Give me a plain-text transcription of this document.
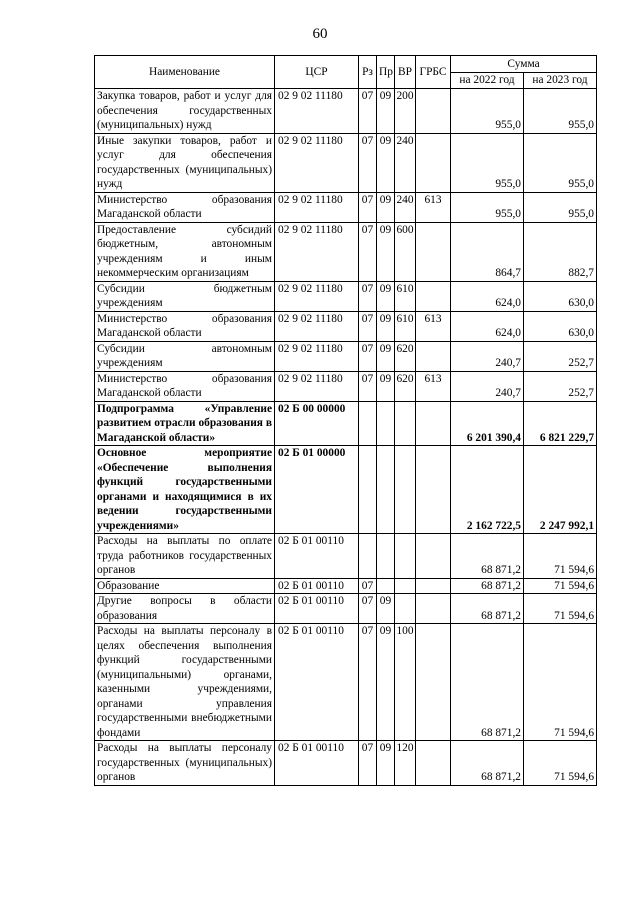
60
Наименование	ЦСР	Рз	Пр	ВР	ГРБС	Сумма	
						на 2022 год	на 2023 год
Закупка товаров, работ и услуг для обеспечения государственных (муниципальных) нужд	02 9 02 11180	07	09	200		955,0	955,0
Иные закупки товаров, работ и услуг для обеспечения государственных (муниципальных) нужд	02 9 02 11180	07	09	240		955,0	955,0
Министерство образования Магаданской области	02 9 02 11180	07	09	240	613	955,0	955,0
Предоставление субсидий бюджетным, автономным учреждениям и иным некоммерческим организациям	02 9 02 11180	07	09	600		864,7	882,7
Субсидии бюджетным учреждениям	02 9 02 11180	07	09	610		624,0	630,0
Министерство образования Магаданской области	02 9 02 11180	07	09	610	613	624,0	630,0
Субсидии автономным учреждениям	02 9 02 11180	07	09	620		240,7	252,7
Министерство образования Магаданской области	02 9 02 11180	07	09	620	613	240,7	252,7
Подпрограмма «Управление развитием отрасли образования в Магаданской области»	02 Б 00 00000					6 201 390,4	6 821 229,7
Основное мероприятие «Обеспечение выполнения функций государственными органами и находящимися в их ведении государственными учреждениями»	02 Б 01 00000					2 162 722,5	2 247 992,1
Расходы на выплаты по оплате труда работников государственных органов	02 Б 01 00110					68 871,2	71 594,6
Образование	02 Б 01 00110	07				68 871,2	71 594,6
Другие вопросы в области образования	02 Б 01 00110	07	09			68 871,2	71 594,6
Расходы на выплаты персоналу в целях обеспечения выполнения функций государственными (муниципальными) органами, казенными учреждениями, органами управления государственными внебюджетными фондами	02 Б 01 00110	07	09	100		68 871,2	71 594,6
Расходы на выплаты персоналу государственных (муниципальных) органов	02 Б 01 00110	07	09	120		68 871,2	71 594,6
